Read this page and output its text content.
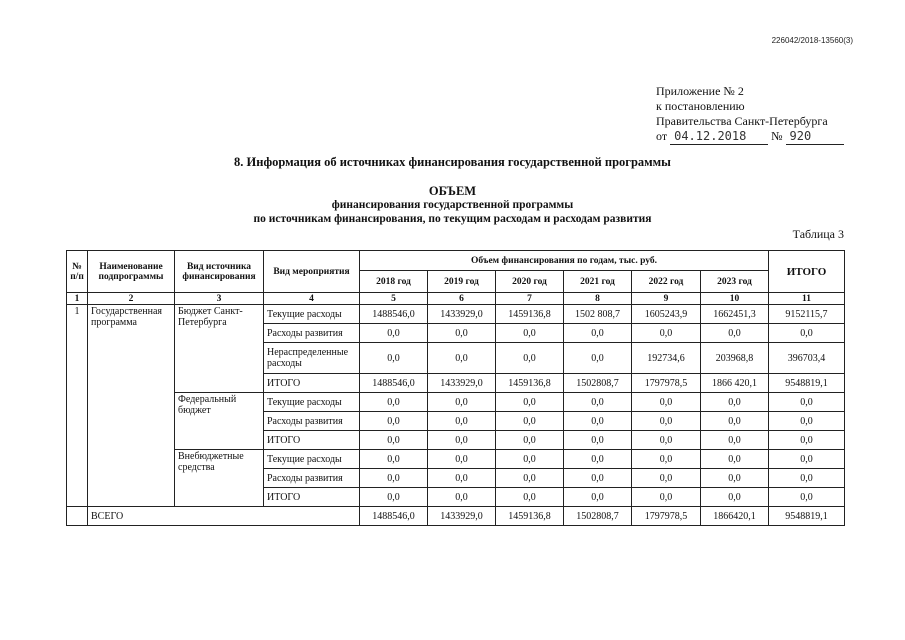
226042/2018-13560(3)
Приложение № 2
к постановлению
Правительства Санкт-Петербурга
от 04.12.2018 № 920
8. Информация об источниках финансирования государственной программы
ОБЪЕМ
финансирования государственной программы
по источникам финансирования, по текущим расходам и расходам развития
Таблица 3
№ п/п	Наименование подпрограммы	Вид источника финансирования	Вид мероприятия	Объем финансирования по годам, тыс. руб.						ИТОГО
				2018 год	2019 год	2020 год	2021 год	2022 год	2023 год	
1	2	3	4	5	6	7	8	9	10	11
1	Государственная программа	Бюджет Санкт-Петербурга	Текущие расходы	1488546,0	1433929,0	1459136,8	1502 808,7	1605243,9	1662451,3	9152115,7
			Расходы развития	0,0	0,0	0,0	0,0	0,0	0,0	0,0
			Нераспределенные расходы	0,0	0,0	0,0	0,0	192734,6	203968,8	396703,4
			ИТОГО	1488546,0	1433929,0	1459136,8	1502808,7	1797978,5	1866 420,1	9548819,1
		Федеральный бюджет	Текущие расходы	0,0	0,0	0,0	0,0	0,0	0,0	0,0
			Расходы развития	0,0	0,0	0,0	0,0	0,0	0,0	0,0
			ИТОГО	0,0	0,0	0,0	0,0	0,0	0,0	0,0
		Внебюджетные средства	Текущие расходы	0,0	0,0	0,0	0,0	0,0	0,0	0,0
			Расходы развития	0,0	0,0	0,0	0,0	0,0	0,0	0,0
			ИТОГО	0,0	0,0	0,0	0,0	0,0	0,0	0,0
	ВСЕГО			1488546,0	1433929,0	1459136,8	1502808,7	1797978,5	1866420,1	9548819,1
